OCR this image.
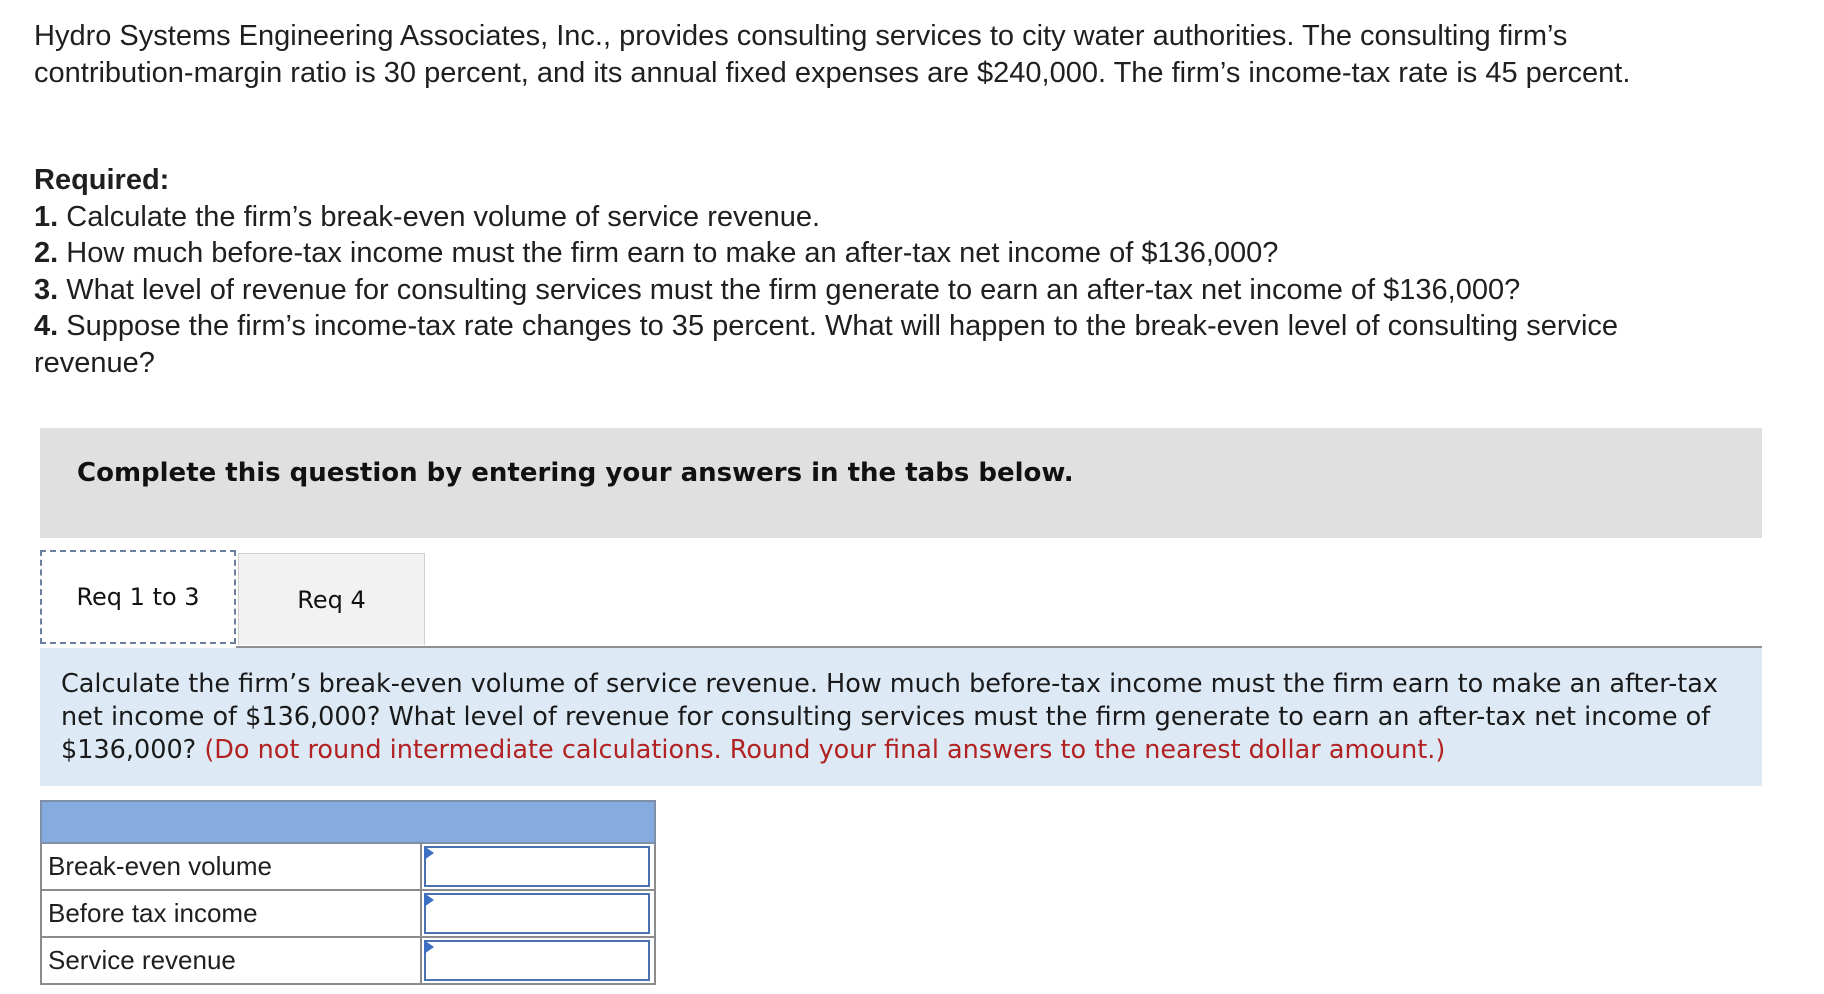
Hydro Systems Engineering Associates, Inc., provides consulting services to city water authorities. The consulting firm’s contribution-margin ratio is 30 percent, and its annual fixed expenses are $240,000. The firm’s income-tax rate is 45 percent.
Required:
1. Calculate the firm’s break-even volume of service revenue.
2. How much before-tax income must the firm earn to make an after-tax net income of $136,000?
3. What level of revenue for consulting services must the firm generate to earn an after-tax net income of $136,000?
4. Suppose the firm’s income-tax rate changes to 35 percent. What will happen to the break-even level of consulting service revenue?
Complete this question by entering your answers in the tabs below.
Req 1 to 3	Req 4
Calculate the firm’s break-even volume of service revenue. How much before-tax income must the firm earn to make an after-tax net income of $136,000? What level of revenue for consulting services must the firm generate to earn an after-tax net income of $136,000? (Do not round intermediate calculations. Round your final answers to the nearest dollar amount.)
Break-even volume
Before tax income
Service revenue
